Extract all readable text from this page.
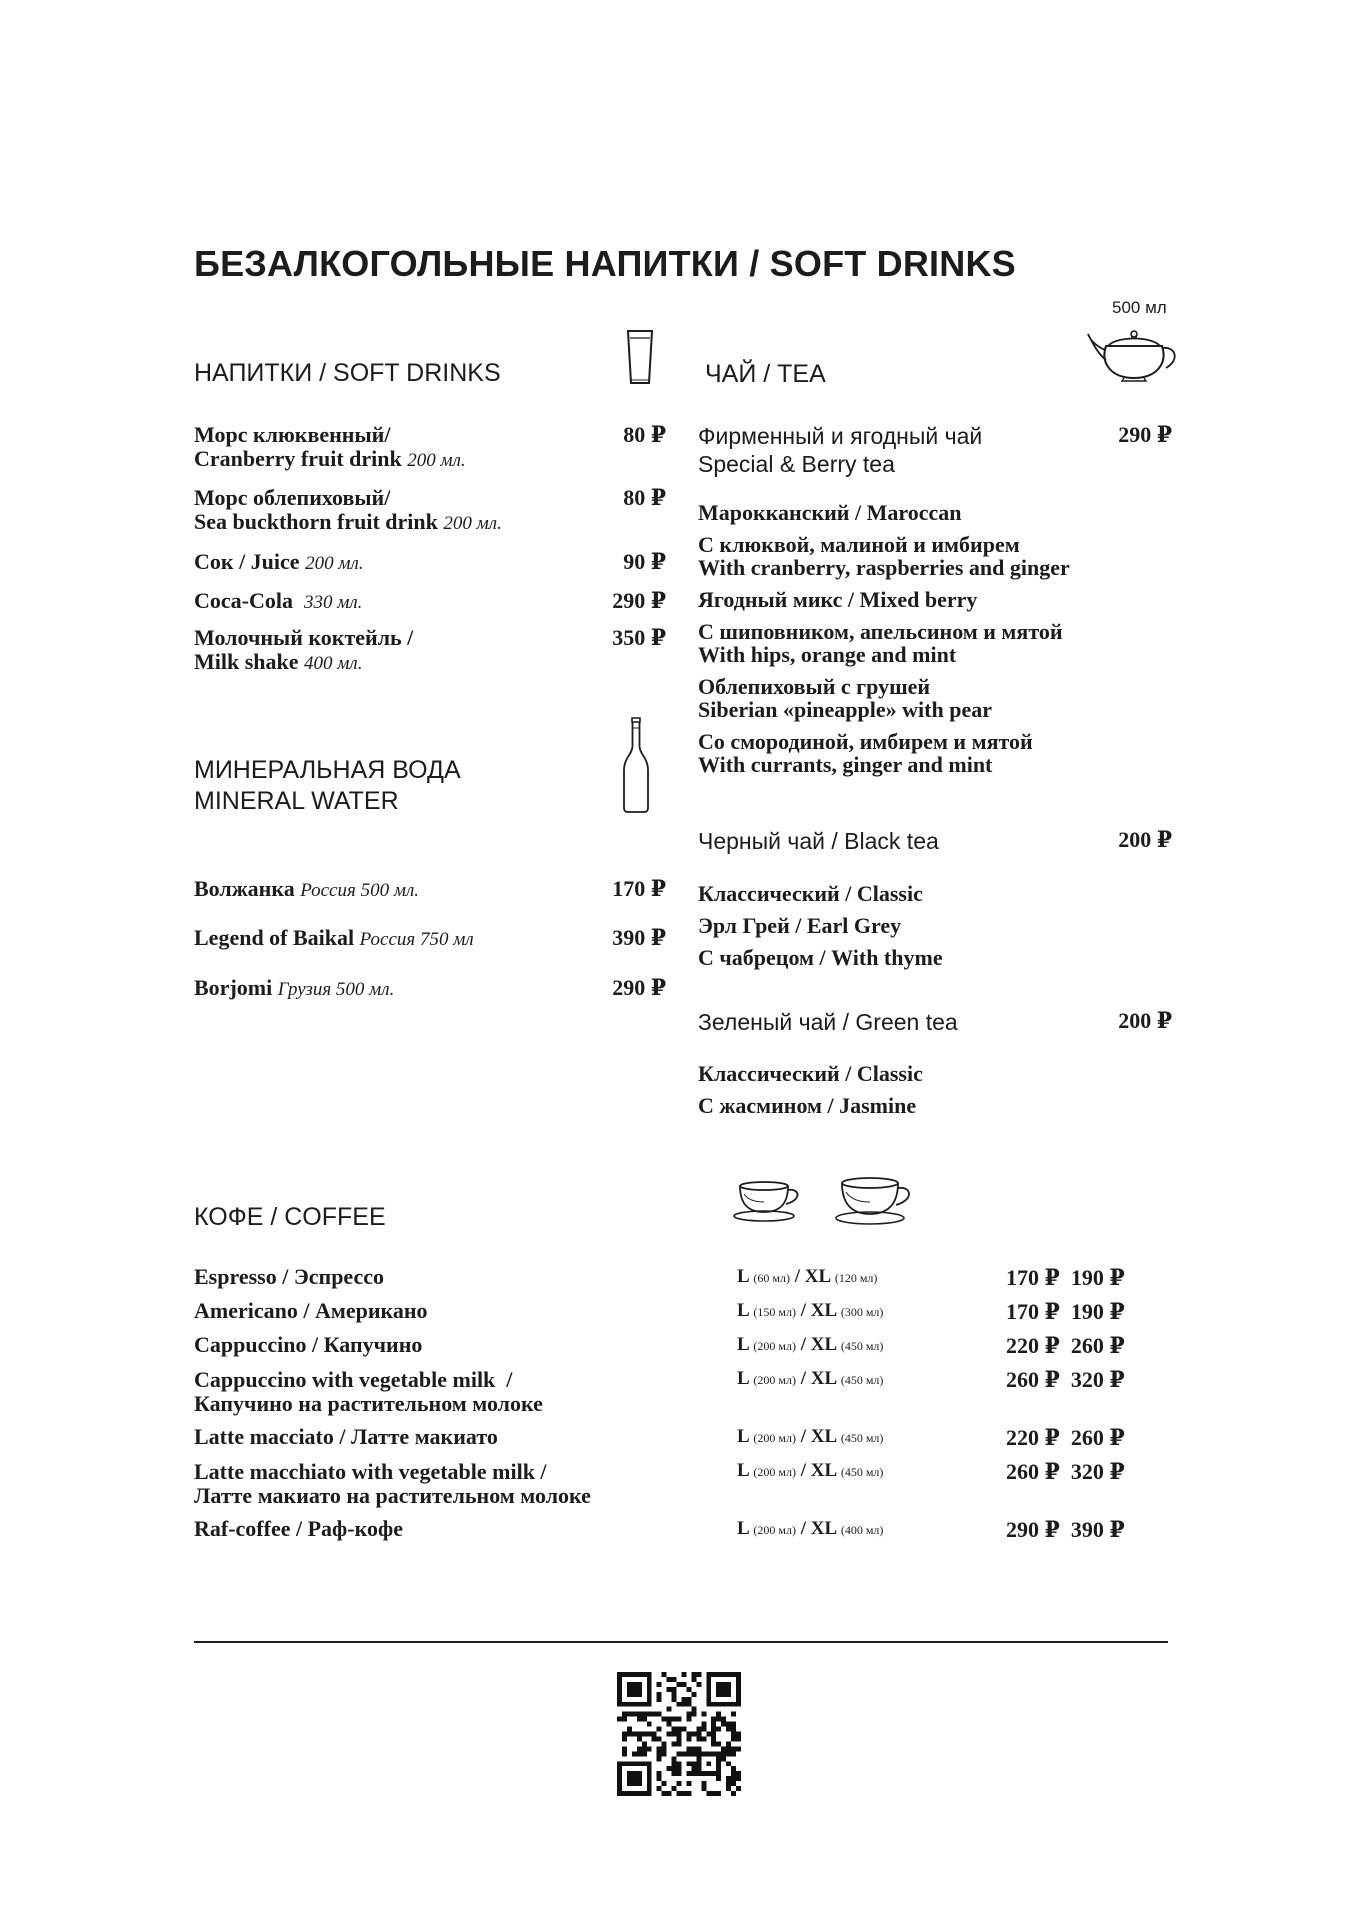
БЕЗАЛКОГОЛЬНЫЕ НАПИТКИ / SOFT DRINKS
НАПИТКИ / SOFT DRINKS
Морс клюквенный/
Cranberry fruit drink 200 мл.
80 ₽
Морс облепиховый/
Sea buckthorn fruit drink 200 мл.
80 ₽
Сок / Juice 200 мл.	90 ₽
Coca-Cola 330 мл.	290 ₽
Молочный коктейль /
Milk shake 400 мл.
350 ₽
МИНЕРАЛЬНАЯ ВОДА
MINERAL WATER
Волжанка Россия 500 мл.	170 ₽
Legend of Baikal Россия 750 мл	390 ₽
Borjomi Грузия 500 мл.	290 ₽
500 мл
ЧАЙ / TEA
Фирменный и ягодный чай
Special & Berry tea
290 ₽
Марокканский / Maroccan
С клюквой, малиной и имбирем
With cranberry, raspberries and ginger
Ягодный микс / Mixed berry
С шиповником, апельсином и мятой
With hips, orange and mint
Облепиховый с грушей
Siberian «pineapple» with pear
Со смородиной, имбирем и мятой
With currants, ginger and mint
Черный чай / Black tea	200 ₽
Классический / Classic
Эрл Грей / Earl Grey
С чабрецом / With thyme
Зеленый чай / Green tea	200 ₽
Классический / Classic
С жасмином / Jasmine
КОФЕ / COFFEE
Espresso / Эспрессо	L (60 мл) / XL (120 мл)	170 ₽ 190 ₽
Americano / Американо	L (150 мл) / XL (300 мл)	170 ₽ 190 ₽
Cappuccino / Капучино	L (200 мл) / XL (450 мл)	220 ₽ 260 ₽
Cappuccino with vegetable milk  /
Капучино на растительном молоке
L (200 мл) / XL (450 мл)	260 ₽ 320 ₽
Latte macciato / Латте макиато	L (200 мл) / XL (450 мл)	220 ₽ 260 ₽
Latte macchiato with vegetable milk /
Латте макиато на растительном молоке
L (200 мл) / XL (450 мл)	260 ₽ 320 ₽
Raf-coffee / Раф-кофе	L (200 мл) / XL (400 мл)	290 ₽ 390 ₽
